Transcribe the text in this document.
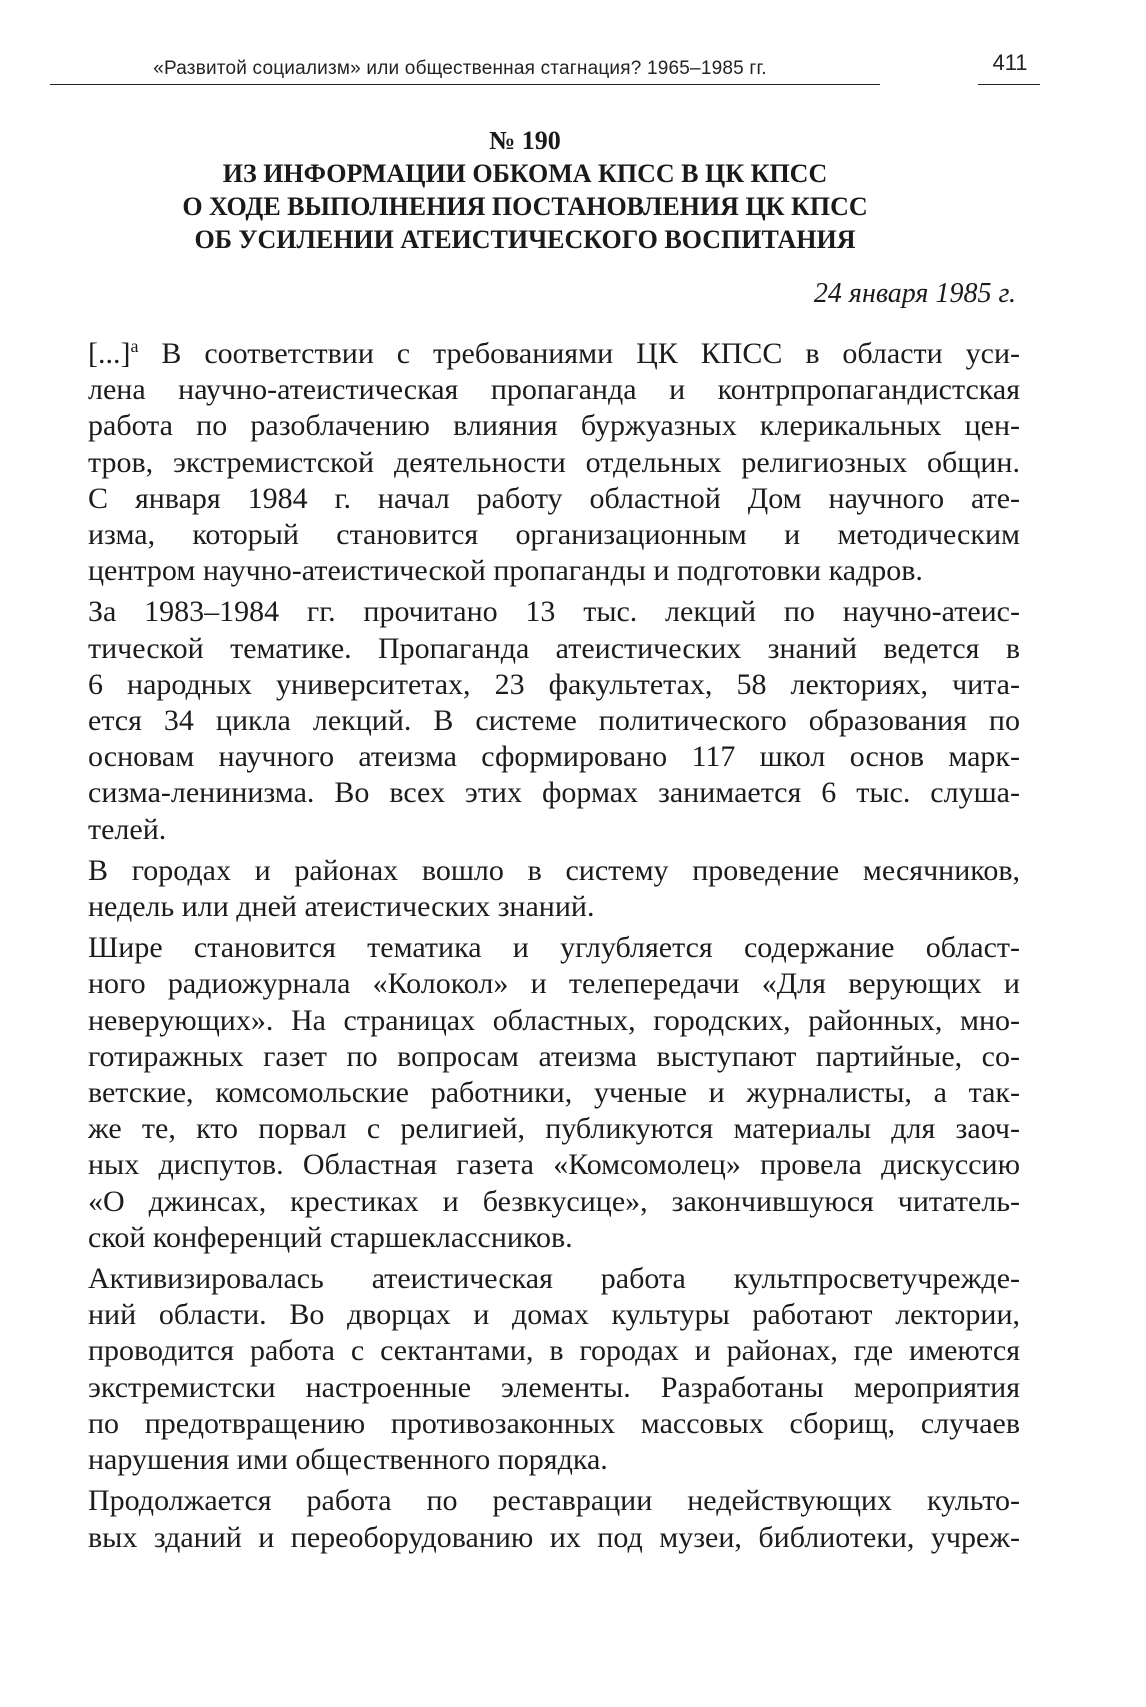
«Развитой социализм» или общественная стагнация? 1965–1985 гг.	411
№ 190
ИЗ ИНФОРМАЦИИ ОБКОМА КПСС В ЦК КПСС
О ХОДЕ ВЫПОЛНЕНИЯ ПОСТАНОВЛЕНИЯ ЦК КПСС
ОБ УСИЛЕНИИ АТЕИСТИЧЕСКОГО ВОСПИТАНИЯ
24 января 1985 г.

[...]$^а$ В соответствии с требованиями ЦК КПСС в области уси-
лена научно-атеистическая пропаганда и контрпропагандистская
работа по разоблачению влияния буржуазных клерикальных цен-
тров, экстремистской деятельности отдельных религиозных общин.
С января 1984 г. начал работу областной Дом научного ате-
изма, который становится организационным и методическим
центром научно-атеистической пропаганды и подготовки кадров.

За 1983–1984 гг. прочитано 13 тыс. лекций по научно-атеис-
тической тематике. Пропаганда атеистических знаний ведется в
6 народных университетах, 23 факультетах, 58 лекториях, чита-
ется 34 цикла лекций. В системе политического образования по
основам научного атеизма сформировано 117 школ основ марк-
сизма-ленинизма. Во всех этих формах занимается 6 тыс. слуша-
телей.

В городах и районах вошло в систему проведение месячников,
недель или дней атеистических знаний.

Шире становится тематика и углубляется содержание област-
ного радиожурнала «Колокол» и телепередачи «Для верующих и
неверующих». На страницах областных, городских, районных, мно-
готиражных газет по вопросам атеизма выступают партийные, со-
ветские, комсомольские работники, ученые и журналисты, а так-
же те, кто порвал с религией, публикуются материалы для заоч-
ных диспутов. Областная газета «Комсомолец» провела дискуссию
«О джинсах, крестиках и безвкусице», закончившуюся читатель-
ской конференций старшеклассников.

Активизировалась атеистическая работа культпросветучрежде-
ний области. Во дворцах и домах культуры работают лектории,
проводится работа с сектантами, в городах и районах, где имеются
экстремистски настроенные элементы. Разработаны мероприятия
по предотвращению противозаконных массовых сборищ, случаев
нарушения ими общественного порядка.

Продолжается работа по реставрации недействующих культо-
вых зданий и переоборудованию их под музеи, библиотеки, учреж-
